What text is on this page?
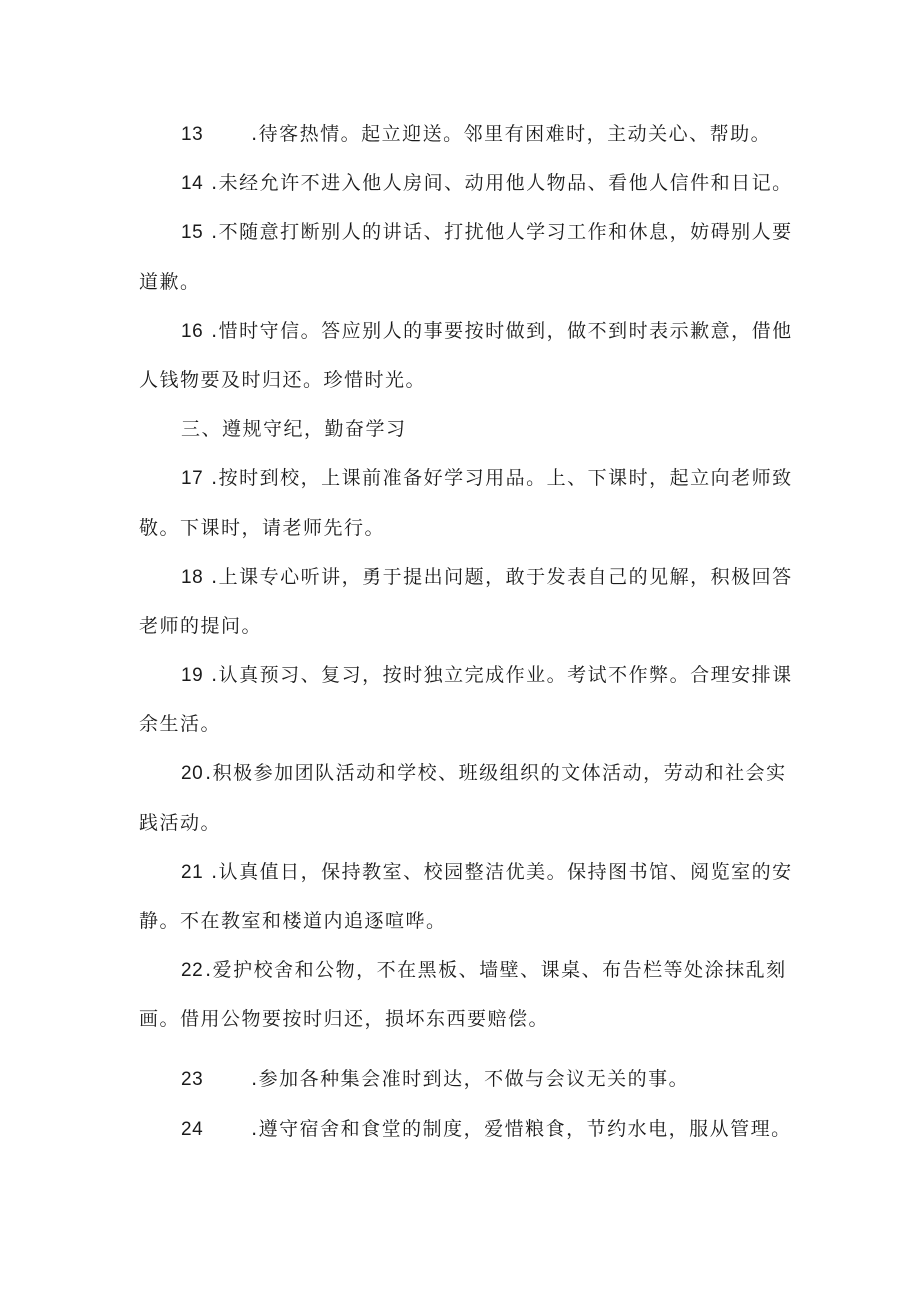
13	.待客热情。起立迎送。邻里有困难时，主动关心、帮助。
14 .未经允许不进入他人房间、动用他人物品、看他人信件和日记。
15 .不随意打断别人的讲话、打扰他人学习工作和休息，妨碍别人要
道歉。
16 .惜时守信。答应别人的事要按时做到，做不到时表示歉意，借他
人钱物要及时归还。珍惜时光。
三、遵规守纪，勤奋学习
17 .按时到校，上课前准备好学习用品。上、下课时，起立向老师致
敬。下课时，请老师先行。
18 .上课专心听讲，勇于提出问题，敢于发表自己的见解，积极回答
老师的提问。
19 .认真预习、复习，按时独立完成作业。考试不作弊。合理安排课
余生活。
20 .积极参加团队活动和学校、班级组织的文体活动，劳动和社会实
践活动。
21 .认真值日，保持教室、校园整洁优美。保持图书馆、阅览室的安
静。不在教室和楼道内追逐喧哗。
22 .爱护校舍和公物，不在黑板、墙壁、课桌、布告栏等处涂抹乱刻
画。借用公物要按时归还，损坏东西要赔偿。
23	.参加各种集会准时到达，不做与会议无关的事。
24	.遵守宿舍和食堂的制度，爱惜粮食，节约水电，服从管理。
